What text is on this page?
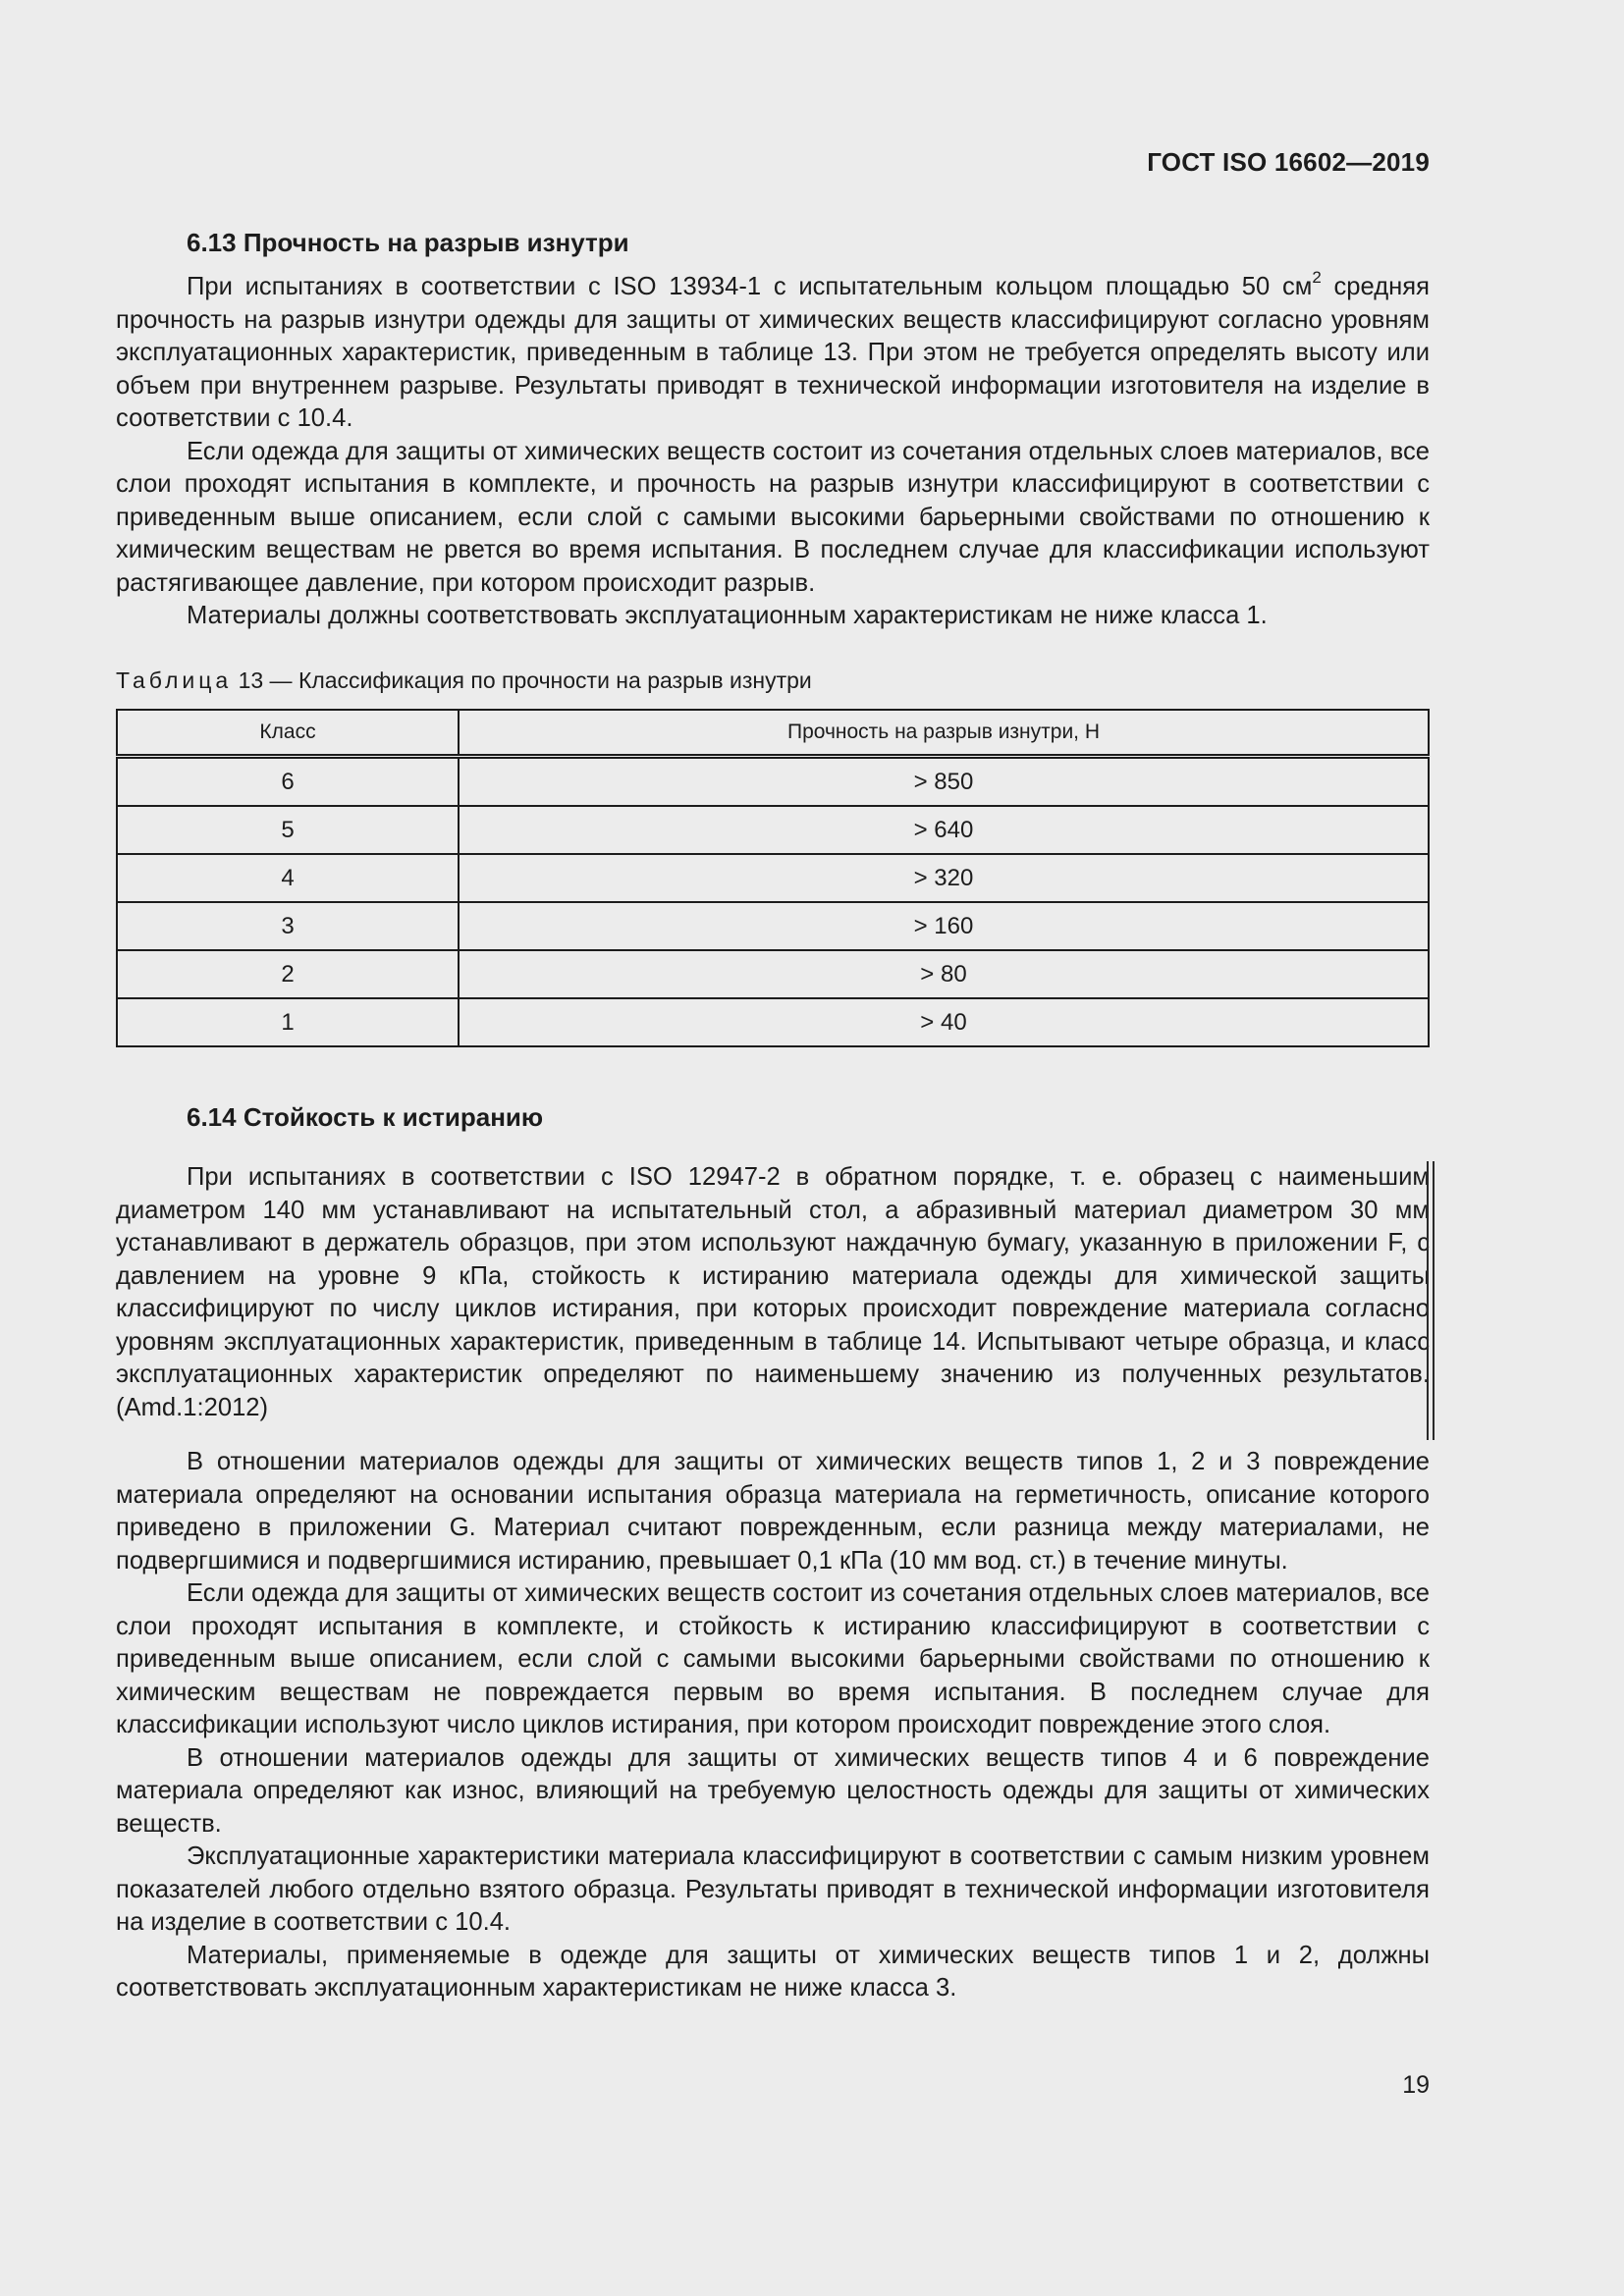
ГОСТ ISO 16602—2019
6.13 Прочность на разрыв изнутри

При испытаниях в соответствии с ISO 13934-1 с испытательным кольцом площадью 50 $см^2$ средняя прочность на разрыв изнутри одежды для защиты от химических веществ классифицируют согласно уровням эксплуатационных характеристик, приведенным в таблице 13. При этом не требуется определять высоту или объем при внутреннем разрыве. Результаты приводят в технической информации изготовителя на изделие в соответствии с 10.4.

Если одежда для защиты от химических веществ состоит из сочетания отдельных слоев материалов, все слои проходят испытания в комплекте, и прочность на разрыв изнутри классифицируют в соответствии с приведенным выше описанием, если слой с самыми высокими барьерными свойствами по отношению к химическим веществам не рвется во время испытания. В последнем случае для классификации используют растягивающее давление, при котором происходит разрыв.

Материалы должны соответствовать эксплуатационным характеристикам не ниже класса 1.

Таблица 13 — Классификация по прочности на разрыв изнутри
Класс	Прочность на разрыв изнутри, Н
6	> 850
5	> 640
4	> 320
3	> 160
2	> 80
1	> 40
6.14 Стойкость к истиранию

При испытаниях в соответствии с ISO 12947-2 в обратном порядке, т. е. образец с наименьшим диаметром 140 мм устанавливают на испытательный стол, а абразивный материал диаметром 30 мм устанавливают в держатель образцов, при этом используют наждачную бумагу, указанную в приложении F, с давлением на уровне 9 кПа, стойкость к истиранию материала одежды для химической защиты классифицируют по числу циклов истирания, при которых происходит повреждение материала согласно уровням эксплуатационных характеристик, приведенным в таблице 14. Испытывают четыре образца, и класс эксплуатационных характеристик определяют по наименьшему значению из полученных результатов. (Amd.1:2012)

В отношении материалов одежды для защиты от химических веществ типов 1, 2 и 3 повреждение материала определяют на основании испытания образца материала на герметичность, описание которого приведено в приложении G. Материал считают поврежденным, если разница между материалами, не подвергшимися и подвергшимися истиранию, превышает 0,1 кПа (10 мм вод. ст.) в течение минуты.

Если одежда для защиты от химических веществ состоит из сочетания отдельных слоев материалов, все слои проходят испытания в комплекте, и стойкость к истиранию классифицируют в соответствии с приведенным выше описанием, если слой с самыми высокими барьерными свойствами по отношению к химическим веществам не повреждается первым во время испытания. В последнем случае для классификации используют число циклов истирания, при котором происходит повреждение этого слоя.

В отношении материалов одежды для защиты от химических веществ типов 4 и 6 повреждение материала определяют как износ, влияющий на требуемую целостность одежды для защиты от химических веществ.

Эксплуатационные характеристики материала классифицируют в соответствии с самым низким уровнем показателей любого отдельно взятого образца. Результаты приводят в технической информации изготовителя на изделие в соответствии с 10.4.

Материалы, применяемые в одежде для защиты от химических веществ типов 1 и 2, должны соответствовать эксплуатационным характеристикам не ниже класса 3.

19
